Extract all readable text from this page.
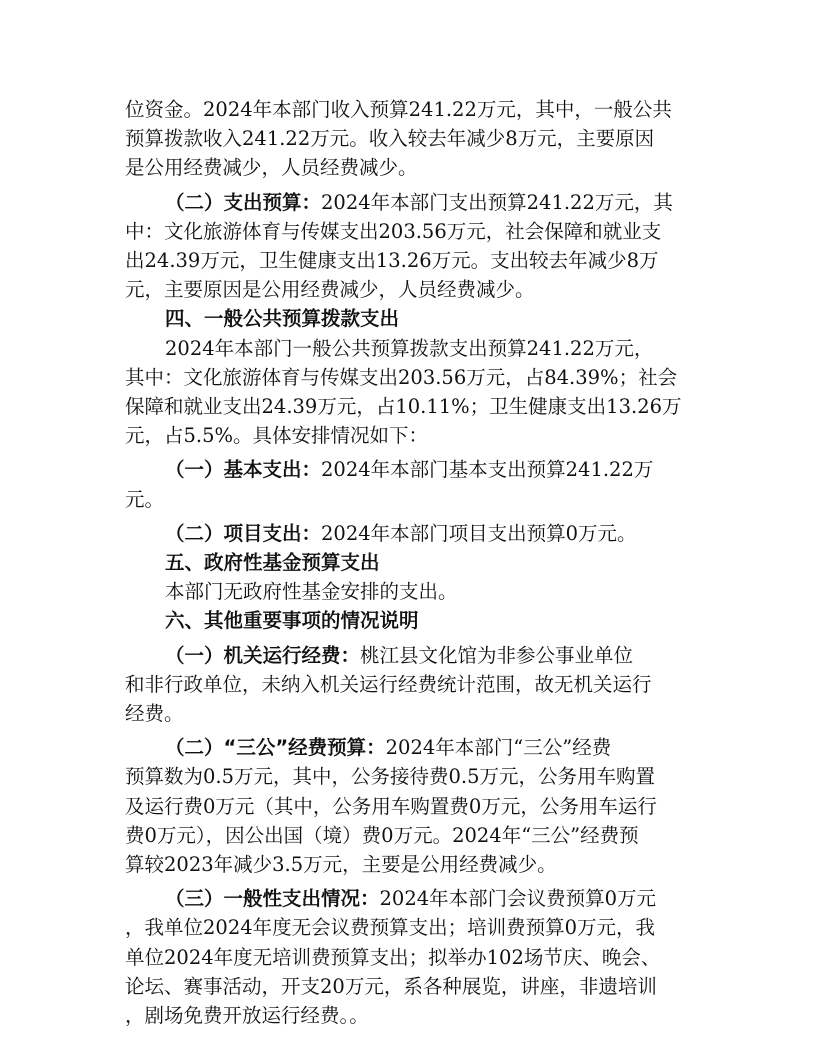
位资金。2024年本部门收入预算241.22万元，其中，一般公共
预算拨款收入241.22万元。收入较去年减少8万元，主要原因
是公用经费减少，人员经费减少。
（二）支出预算：2024年本部门支出预算241.22万元，其
中：文化旅游体育与传媒支出203.56万元，社会保障和就业支
出24.39万元，卫生健康支出13.26万元。支出较去年减少8万
元，主要原因是公用经费减少，人员经费减少。
四、一般公共预算拨款支出
2024年本部门一般公共预算拨款支出预算241.22万元，
其中：文化旅游体育与传媒支出203.56万元，占84.39%；社会
保障和就业支出24.39万元，占10.11%；卫生健康支出13.26万
元，占5.5%。具体安排情况如下：
（一）基本支出：2024年本部门基本支出预算241.22万
元。
（二）项目支出：2024年本部门项目支出预算0万元。
五、政府性基金预算支出
本部门无政府性基金安排的支出。
六、其他重要事项的情况说明
（一）机关运行经费：桃江县文化馆为非参公事业单位
和非行政单位，未纳入机关运行经费统计范围，故无机关运行
经费。
（二）“三公”经费预算：2024年本部门“三公”经费
预算数为0.5万元，其中，公务接待费0.5万元，公务用车购置
及运行费0万元（其中，公务用车购置费0万元，公务用车运行
费0万元），因公出国（境）费0万元。2024年“三公”经费预
算较2023年减少3.5万元，主要是公用经费减少。
（三）一般性支出情况：2024年本部门会议费预算0万元
，我单位2024年度无会议费预算支出；培训费预算0万元，我
单位2024年度无培训费预算支出；拟举办102场节庆、晚会、
论坛、赛事活动，开支20万元，系各种展览，讲座，非遗培训
，剧场免费开放运行经费。。
